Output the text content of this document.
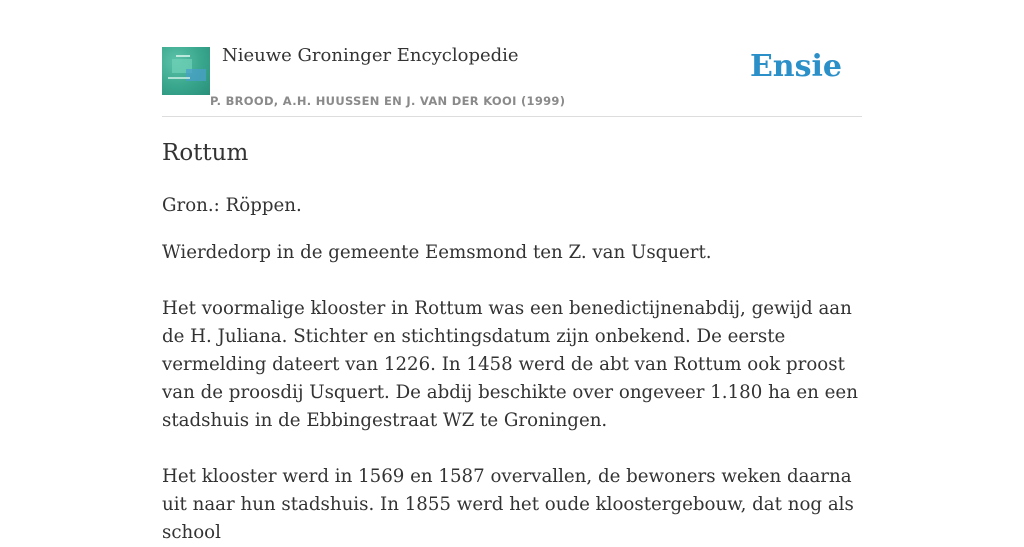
Nieuwe Groninger Encyclopedie
P. BROOD, A.H. HUUSSEN EN J. VAN DER KOOI (1999)
Ensie
Rottum

Gron.: Röppen.

Wierdedorp in de gemeente Eemsmond ten Z. van Usquert.

Het voormalige klooster in Rottum was een benedictijnenabdij, gewijd aan de H. Juliana. Stichter en stichtingsdatum zijn onbekend. De eerste vermelding dateert van 1226. In 1458 werd de abt van Rottum ook proost van de proosdij Usquert. De abdij beschikte over ongeveer 1.180 ha en een stadshuis in de Ebbingestraat WZ te Groningen.

Het klooster werd in 1569 en 1587 overvallen, de bewoners weken daarna uit naar hun stadshuis. In 1855 werd het oude kloostergebouw, dat nog als school
